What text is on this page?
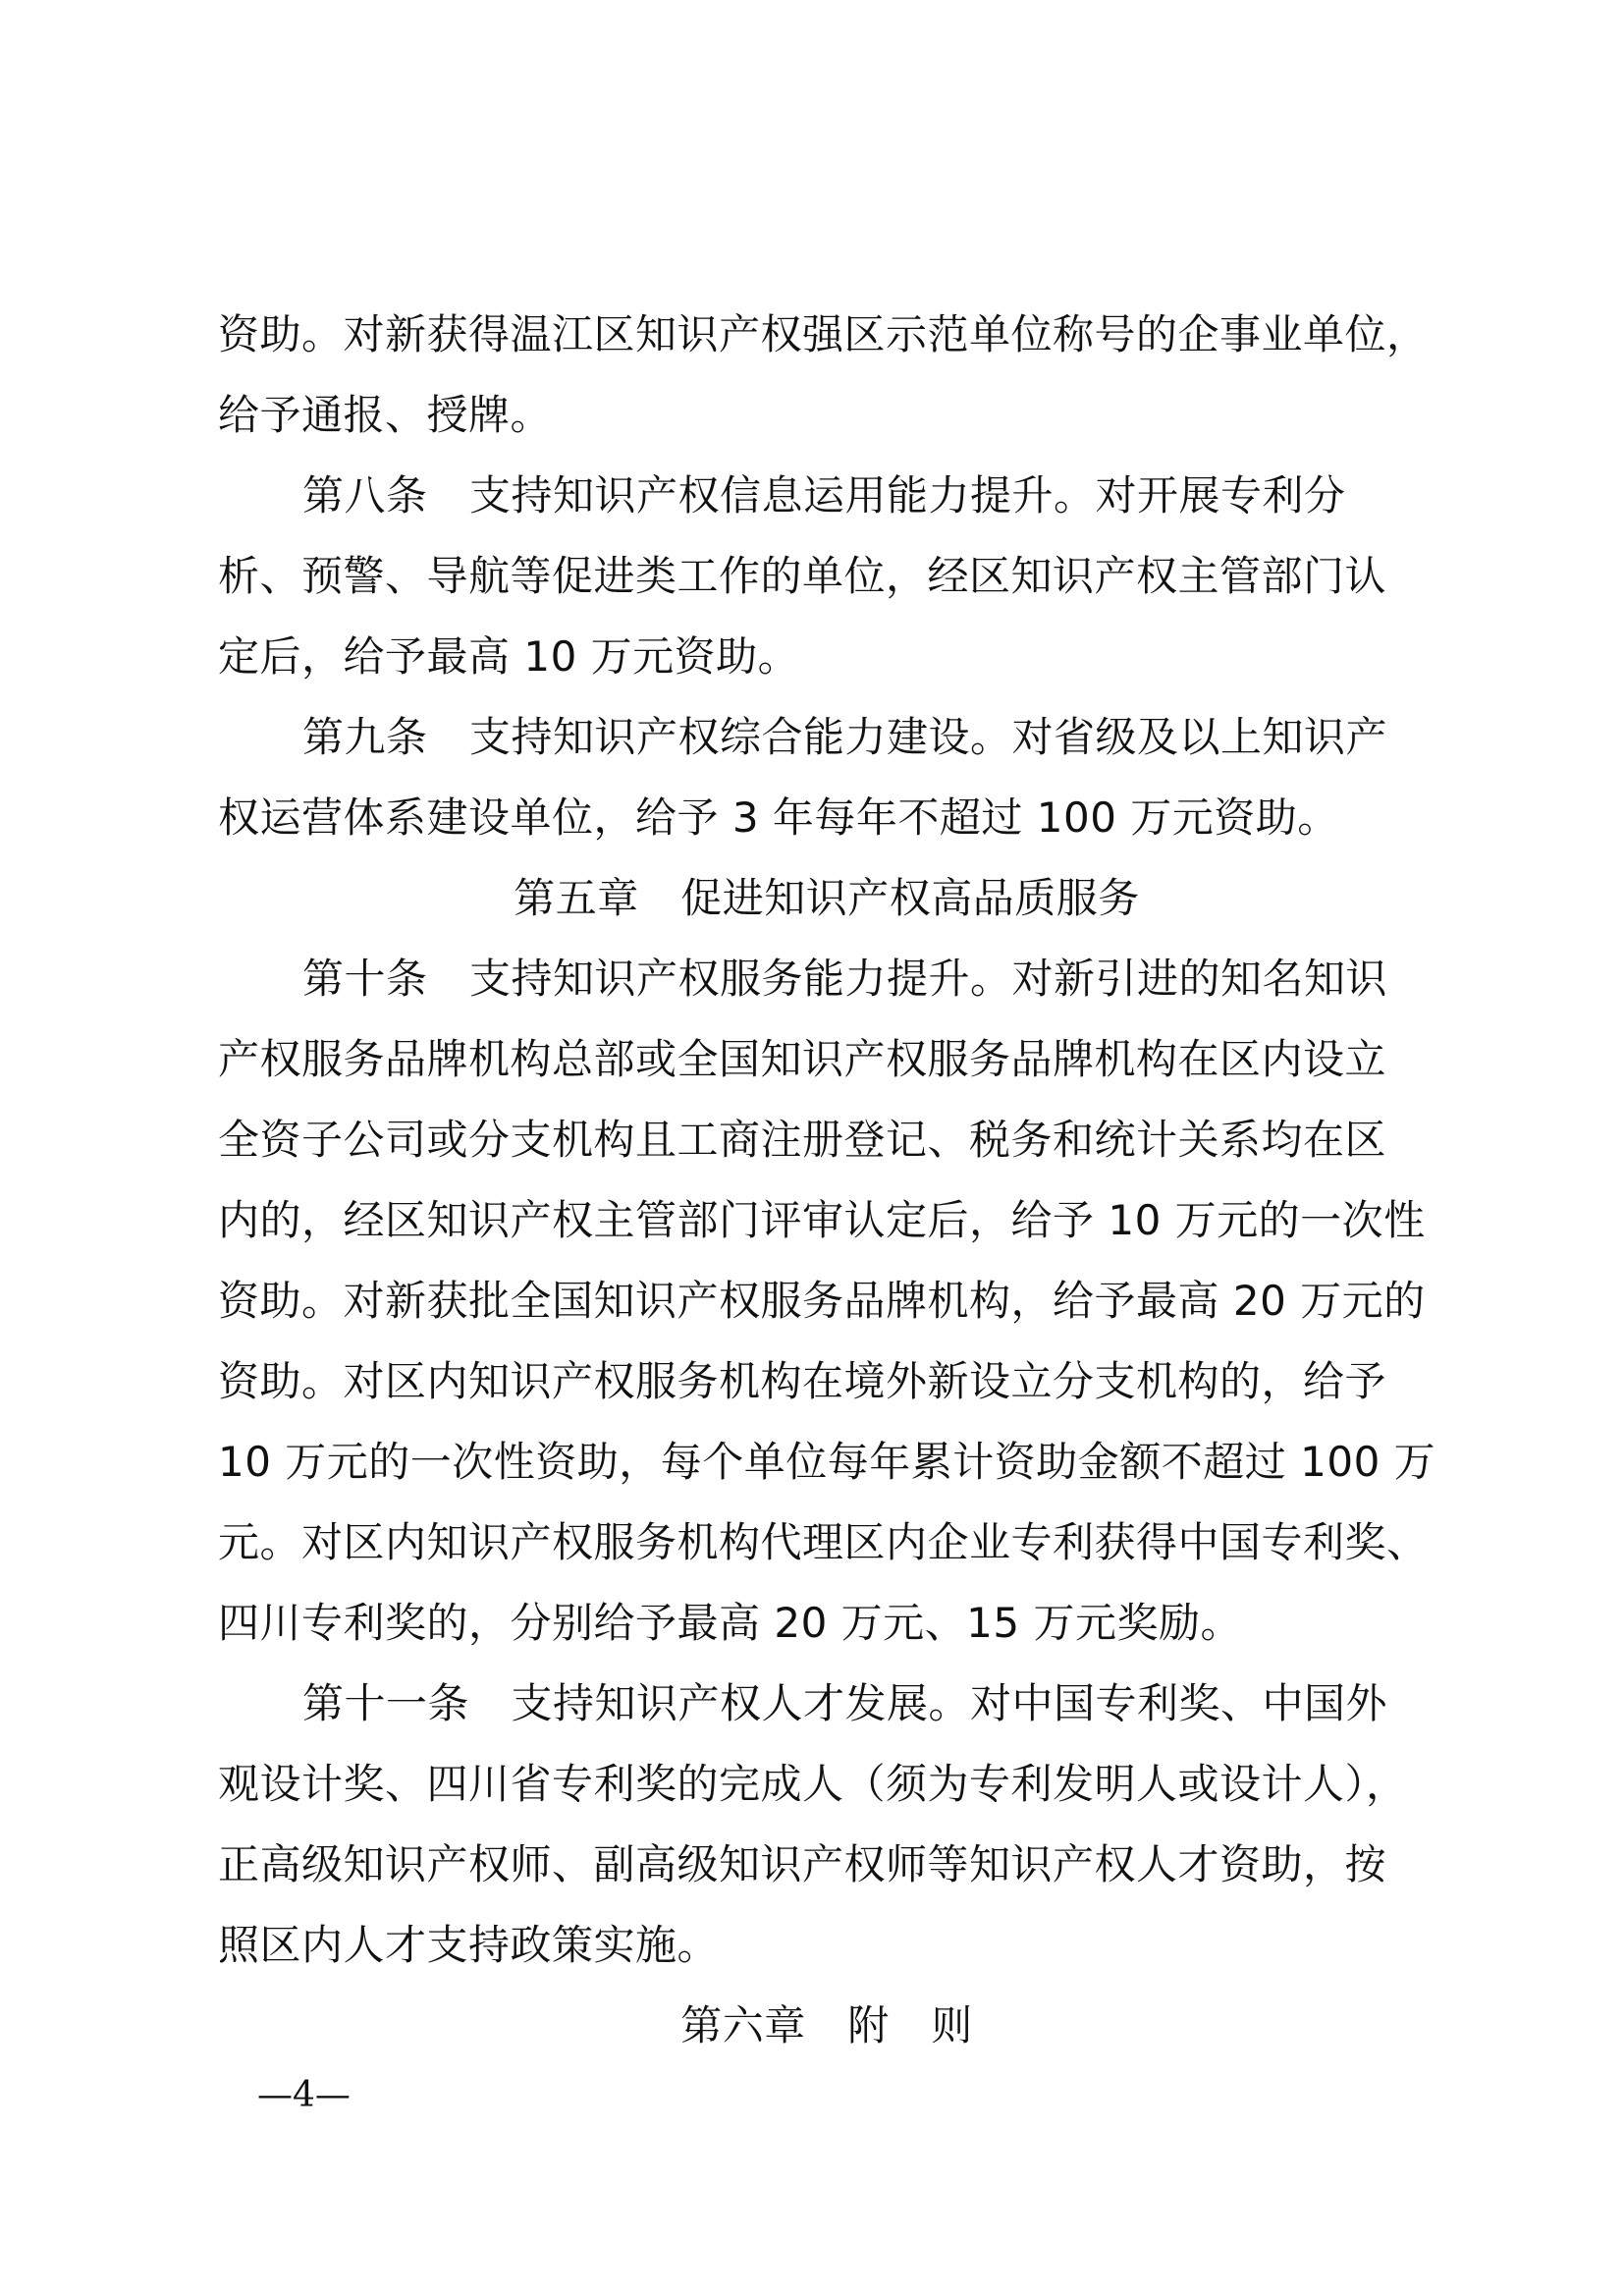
资助。对新获得温江区知识产权强区示范单位称号的企事业单位，
给予通报、授牌。
第八条　支持知识产权信息运用能力提升。对开展专利分
析、预警、导航等促进类工作的单位，经区知识产权主管部门认
定后，给予最高 10 万元资助。
第九条　支持知识产权综合能力建设。对省级及以上知识产
权运营体系建设单位，给予 3 年每年不超过 100 万元资助。
第五章　促进知识产权高品质服务
第十条　支持知识产权服务能力提升。对新引进的知名知识
产权服务品牌机构总部或全国知识产权服务品牌机构在区内设立
全资子公司或分支机构且工商注册登记、税务和统计关系均在区
内的，经区知识产权主管部门评审认定后，给予 10 万元的一次性
资助。对新获批全国知识产权服务品牌机构，给予最高 20 万元的
资助。对区内知识产权服务机构在境外新设立分支机构的，给予
10 万元的一次性资助，每个单位每年累计资助金额不超过 100 万
元。对区内知识产权服务机构代理区内企业专利获得中国专利奖、
四川专利奖的，分别给予最高 20 万元、15 万元奖励。
第十一条　支持知识产权人才发展。对中国专利奖、中国外
观设计奖、四川省专利奖的完成人（须为专利发明人或设计人），
正高级知识产权师、副高级知识产权师等知识产权人才资助，按
照区内人才支持政策实施。
第六章　附　则
—4—
